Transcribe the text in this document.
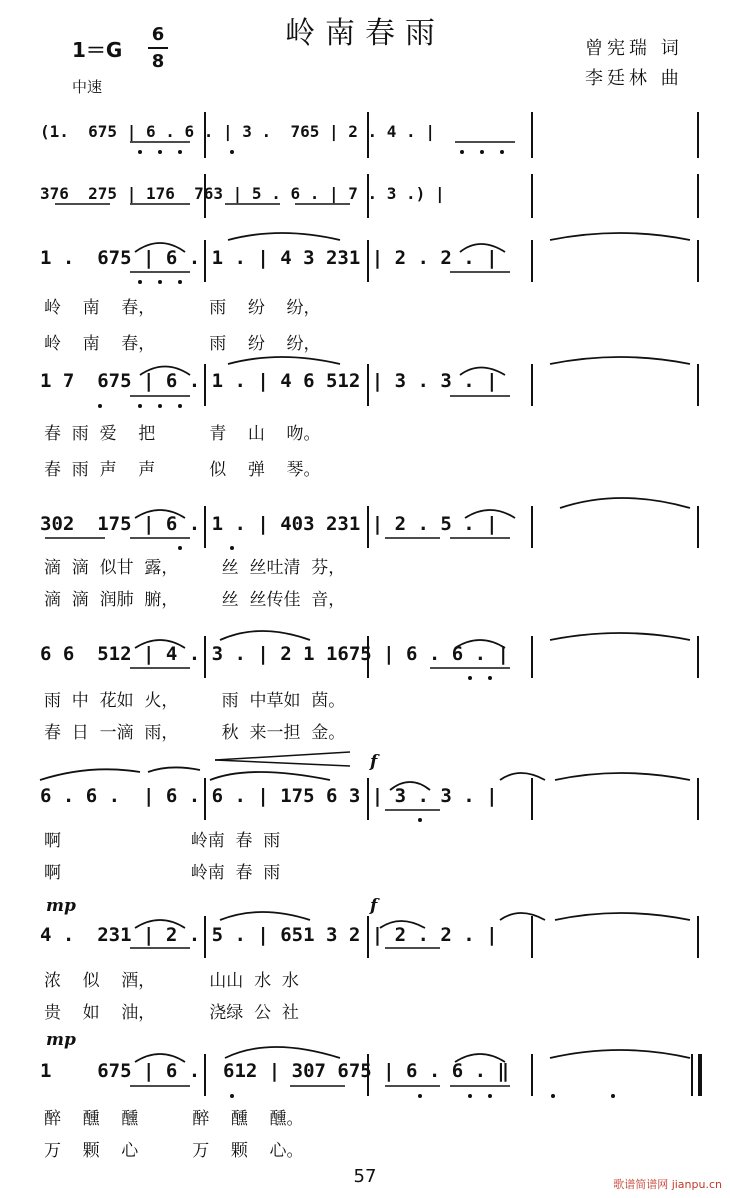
岭南春雨
1＝G
6
8
中速
曾宪瑞 词
李廷林 曲
(1.  675 | 6 . 6 . | 3 .  765 | 2 . 4 . |
376  275 | 176  763 | 5 . 6 . | 7 . 3 .) |
1 .  675 | 6 . 1 . | 4 3 231 | 2 . 2 . |
岭    南    春，          雨    纷    纷，
岭    南    春，          雨    纷    纷，
1 7  675 | 6 . 1 . | 4 6 512 | 3 . 3 . |
春  雨  爱    把          青    山    吻。
春  雨  声    声          似    弹    琴。
302  175 | 6 . 1 . | 403 231 | 2 . 5 . |
滴  滴  似甘  露，        丝  丝吐清  芬，
滴  滴  润肺  腑，        丝  丝传佳  音，
6 6  512 | 4 . 3 . | 2 1 1675 | 6 . 6 . |
雨  中  花如  火，        雨  中草如  茵。
春  日  一滴  雨，        秋  来一担  金。
f
6 . 6 .  | 6 . 6 . | 175 6 3 | 3 . 3 . |
啊                        岭南  春  雨
啊                        岭南  春  雨
mp	f
4 .  231 | 2 . 5 . | 651 3 2 | 2 . 2 . |
浓    似    酒，          山山  水  水
贵    如    油，          浇绿  公  社
mp
1    675 | 6 .  612 | 307 675 | 6 . 6 . ‖
醉    醺    醺          醉    醺    醺。
万    颗    心          万    颗    心。
57	歌谱简谱网 jianpu.cn
